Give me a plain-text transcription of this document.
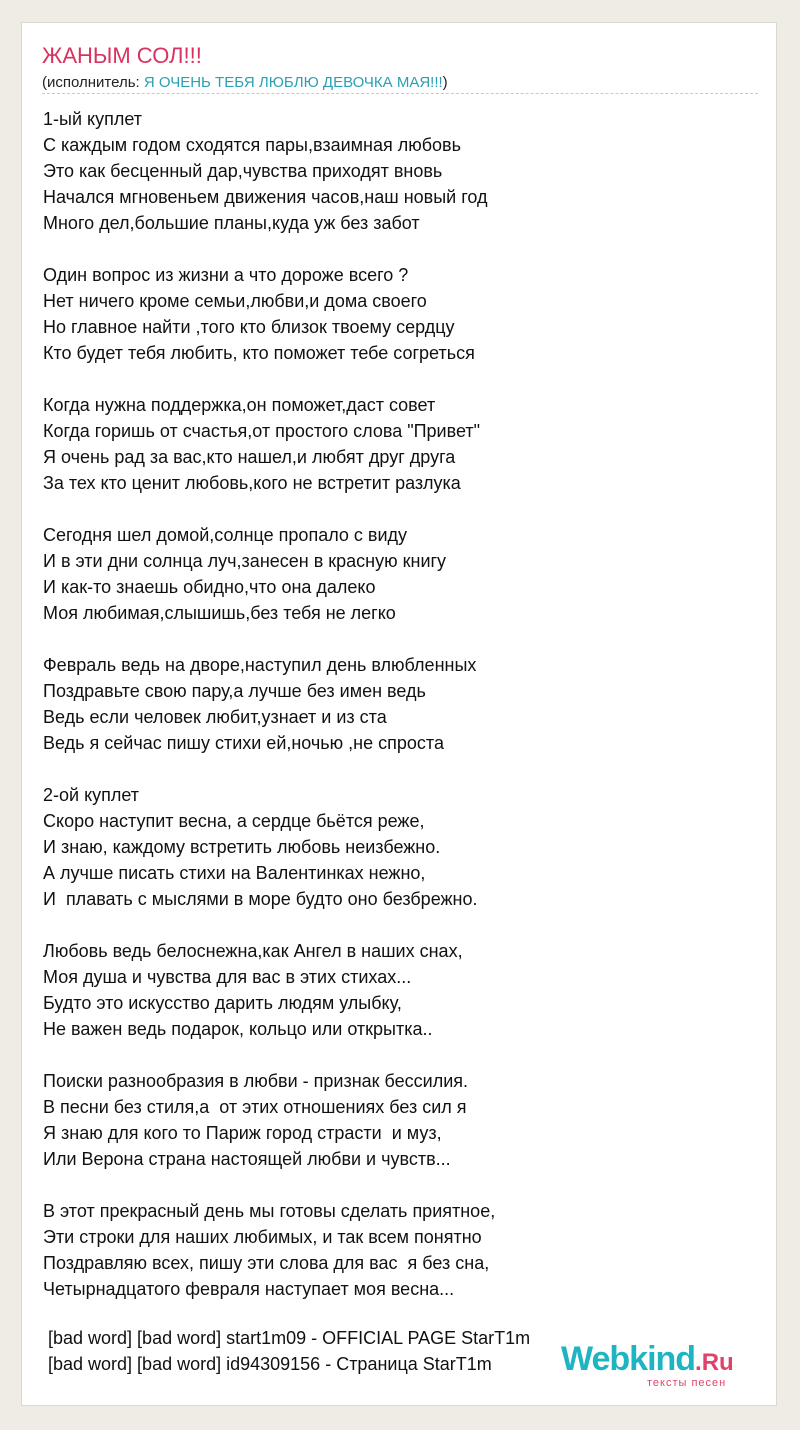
ЖАНЫМ СОЛ!!!
(исполнитель: Я ОЧЕНЬ ТЕБЯ ЛЮБЛЮ ДЕВОЧКА МАЯ!!!)
1-ый куплет
С каждым годом сходятся пары,взаимная любовь
Это как бесценный дар,чувства приходят вновь
Начался мгновеньем движения часов,наш новый год
Много дел,большие планы,куда уж без забот
Один вопрос из жизни а что дороже всего ?
Нет ничего кроме семьи,любви,и дома своего
Но главное найти ,того кто близок твоему сердцу
Кто будет тебя любить, кто поможет тебе согреться
Когда нужна поддержка,он поможет,даст совет
Когда горишь от счастья,от простого слова "Привет"
Я очень рад за вас,кто нашел,и любят друг друга
За тех кто ценит любовь,кого не встретит разлука
Сегодня шел домой,солнце пропало с виду
И в эти дни солнца луч,занесен в красную книгу
И как-то знаешь обидно,что она далеко
Моя любимая,слышишь,без тебя не легко
Февраль ведь на дворе,наступил день влюбленных
Поздравьте свою пару,а лучше без имен ведь
Ведь если человек любит,узнает и из ста
Ведь я сейчас пишу стихи ей,ночью ,не спроста
2-ой куплет
Скоро наступит весна, а сердце бьётся реже,
И знаю, каждому встретить любовь неизбежно.
А лучше писать стихи на Валентинках нежно,
И  плавать с мыслями в море будто оно безбрежно.
Любовь ведь белоснежна,как Ангел в наших снах,
Моя душа и чувства для вас в этих стихах...
Будто это искусство дарить людям улыбку,
Не важен ведь подарок, кольцо или открытка..
Поиски разнообразия в любви - признак бессилия.
В песни без стиля,а  от этих отношениях без сил я
Я знаю для кого то Париж город страсти  и муз,
Или Верона страна настоящей любви и чувств...
В этот прекрасный день мы готовы сделать приятное,
Эти строки для наших любимых, и так всем понятно
Поздравляю всех, пишу эти слова для вас  я без сна,
Четырнадцатого февраля наступает моя весна...
[bad word] [bad word] start1m09 - OFFICIAL PAGE StarT1m
[bad word] [bad word] id94309156 - Страница StarT1m	Webkind.Ru
тексты песен
